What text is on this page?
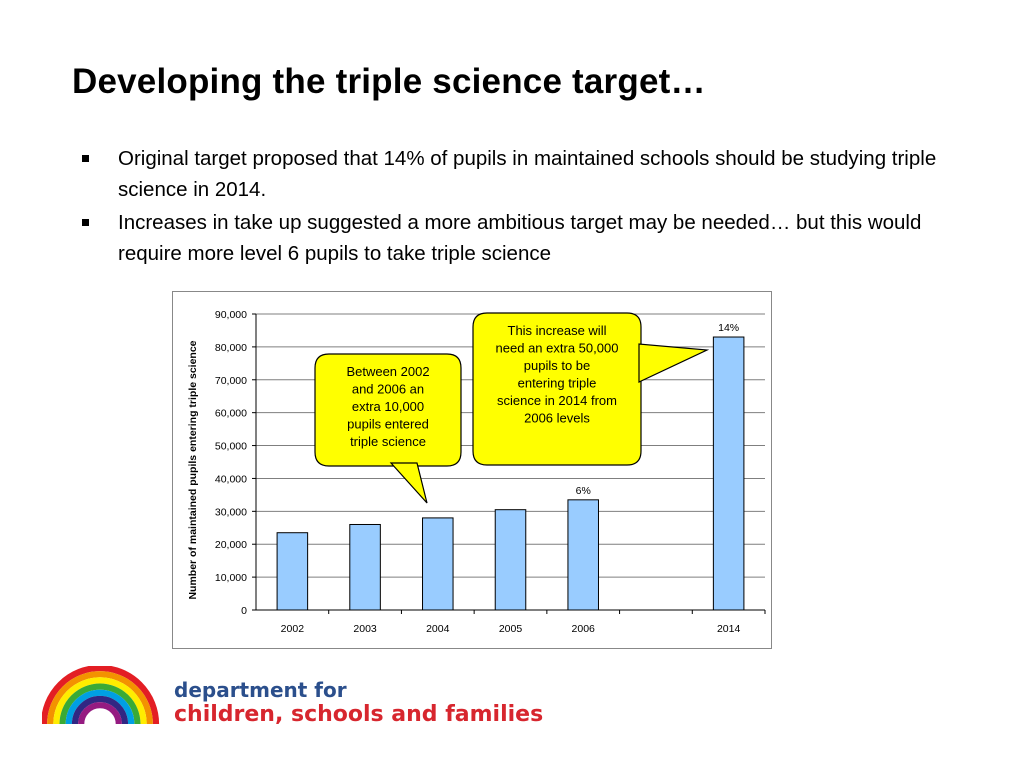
Developing the triple science target…
Original target proposed that 14% of pupils in maintained schools should be studying triple science in 2014.
Increases in take up suggested a more ambitious target may be needed… but this would require more level 6 pupils to take triple science
0
10,000
20,000
30,000
40,000
50,000
60,000
70,000
80,000
90,000
2002	2003	2004	2005
6%
2006
14%
2014
Number of maintained pupils entering triple science	Between 2002 and 2006 an extra 10,000 pupils entered triple science
This increase will need an extra 50,000 pupils to be entering triple science in 2014 from 2006 levels
department for
children, schools and families
